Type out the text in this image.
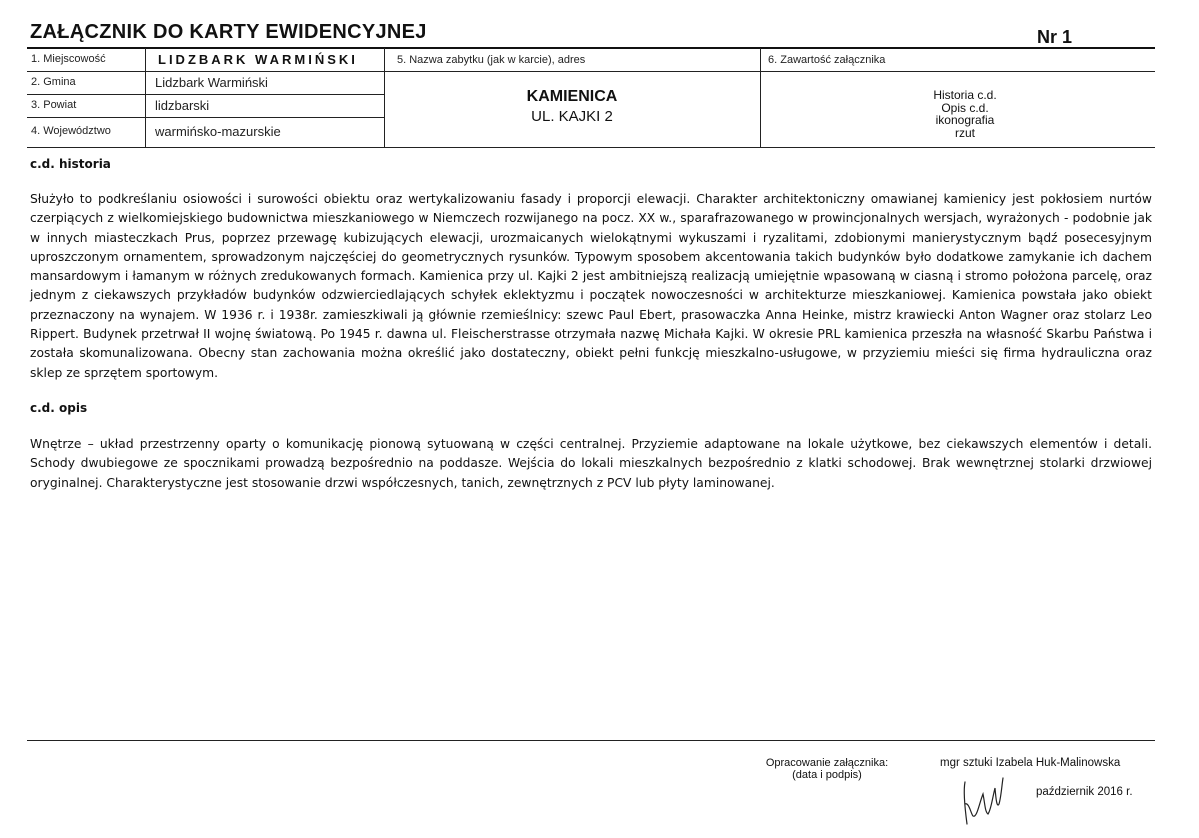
ZAŁĄCZNIK DO KARTY EWIDENCYJNEJ	Nr 1
1. Miejscowość	LIDZBARK WARMIŃSKI
2. Gmina	Lidzbark Warmiński
3. Powiat	lidzbarski
4. Województwo	warmińsko-mazurskie
5. Nazwa zabytku (jak w karcie), adres
KAMIENICA
UL. KAJKI 2
6. Zawartość załącznika
Historia c.d.
Opis c.d.
ikonografia
rzut
c.d. historia
Służyło to podkreślaniu osiowości i surowości obiektu oraz wertykalizowaniu fasady i proporcji elewacji. Charakter architektoniczny omawianej kamienicy jest pokłosiem nurtów czerpiących z wielkomiejskiego budownictwa mieszkaniowego w Niemczech rozwijanego na pocz. XX w., sparafrazowanego w prowincjonalnych wersjach, wyrażonych - podobnie jak w innych miasteczkach Prus, poprzez przewagę kubizujących elewacji, urozmaicanych wielokątnymi wykuszami i ryzalitami, zdobionymi manierystycznym bądź posecesyjnym uproszczonym ornamentem, sprowadzonym najczęściej do geometrycznych rysunków. Typowym sposobem akcentowania takich budynków było dodatkowe zamykanie ich dachem mansardowym i łamanym w różnych zredukowanych formach. Kamienica przy ul. Kajki 2 jest ambitniejszą realizacją umiejętnie wpasowaną w ciasną i stromo położona parcelę, oraz jednym z ciekawszych przykładów budynków odzwierciedlających schyłek eklektyzmu i początek nowoczesności w architekturze mieszkaniowej. Kamienica powstała jako obiekt przeznaczony na wynajem. W 1936 r. i 1938r. zamieszkiwali ją głównie rzemieślnicy: szewc Paul Ebert, prasowaczka Anna Heinke, mistrz krawiecki Anton Wagner oraz stolarz Leo Rippert. Budynek przetrwał II wojnę światową. Po 1945 r. dawna ul. Fleischerstrasse otrzymała nazwę Michała Kajki. W okresie PRL kamienica przeszła na własność Skarbu Państwa i została skomunalizowana. Obecny stan zachowania można określić jako dostateczny, obiekt pełni funkcję mieszkalno-usługowe, w przyziemiu mieści się firma hydrauliczna oraz sklep ze sprzętem sportowym.
c.d. opis
Wnętrze – układ przestrzenny oparty o komunikację pionową sytuowaną w części centralnej. Przyziemie adaptowane na lokale użytkowe, bez ciekawszych elementów i detali. Schody dwubiegowe ze spocznikami prowadzą bezpośrednio na poddasze. Wejścia do lokali mieszkalnych bezpośrednio z klatki schodowej. Brak wewnętrznej stolarki drzwiowej oryginalnej. Charakterystyczne jest stosowanie drzwi współczesnych, tanich, zewnętrznych z PCV lub płyty laminowanej.
Opracowanie załącznika:
(data i podpis)
mgr sztuki Izabela Huk-Malinowska
październik 2016 r.
